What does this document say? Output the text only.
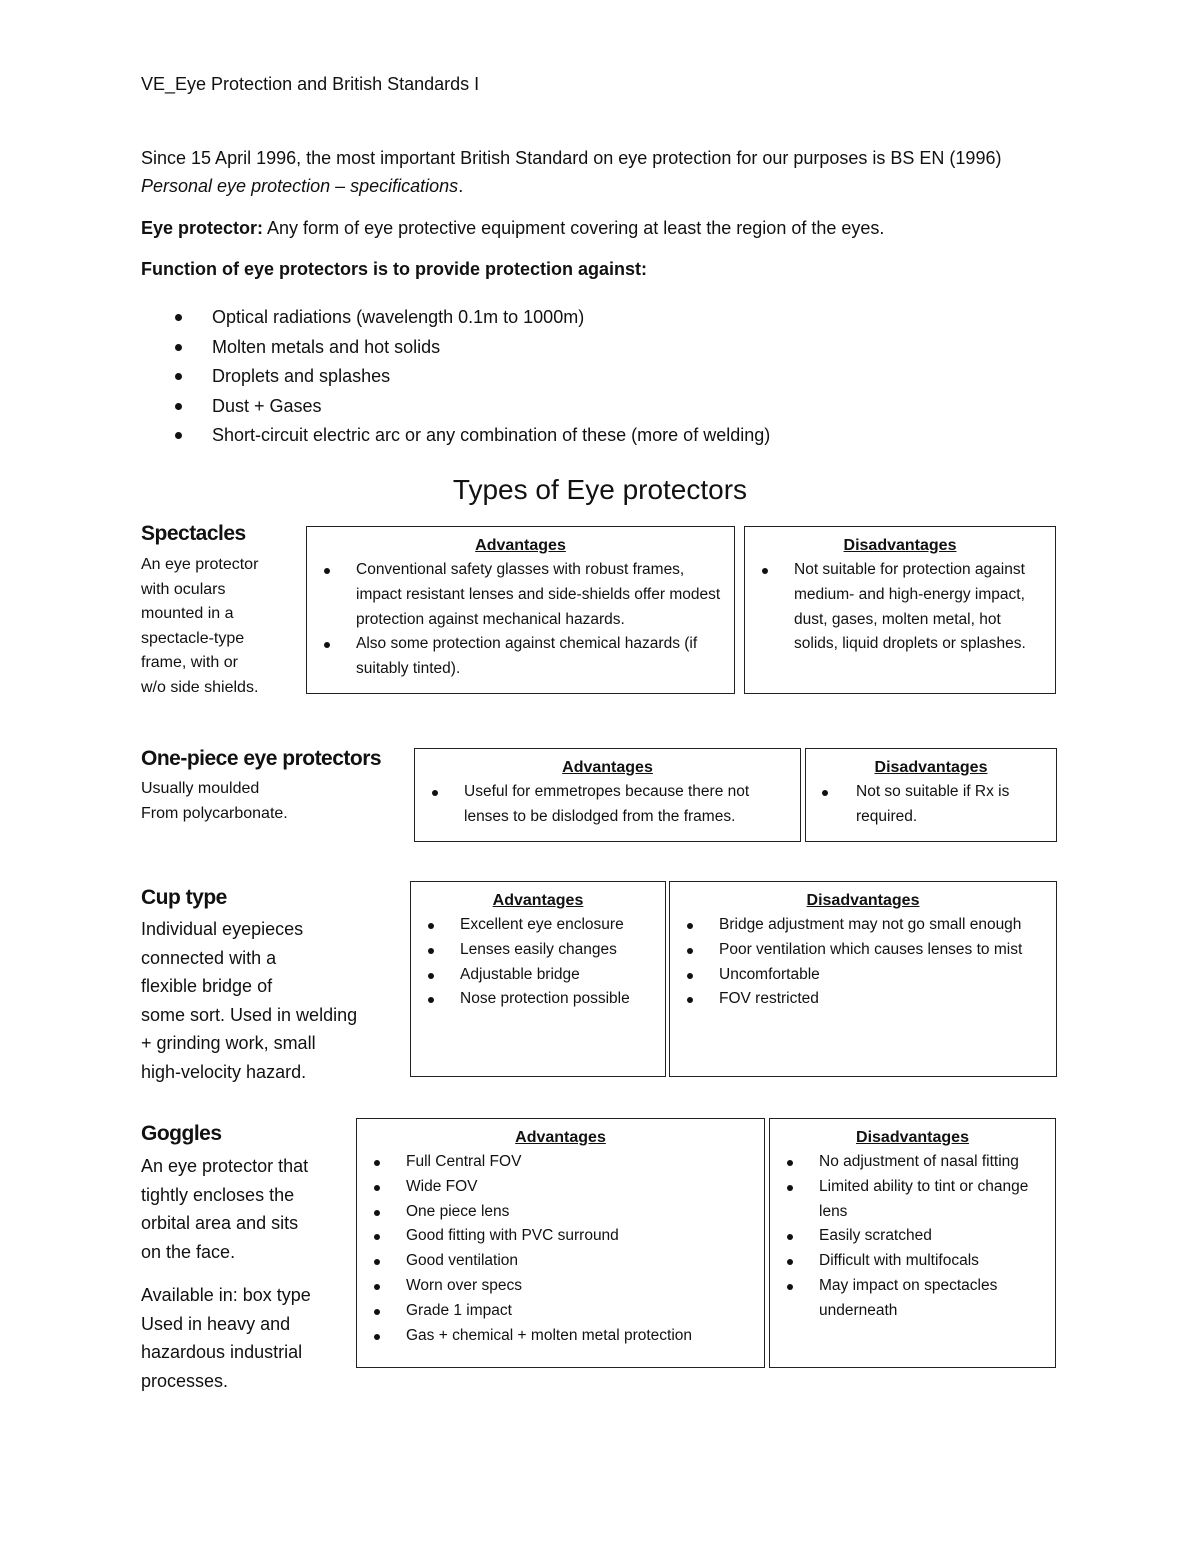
VE_Eye Protection and British Standards I
Since 15 April 1996, the most important British Standard on eye protection for our purposes is BS EN (1996) Personal eye protection – specifications.
Eye protector: Any form of eye protective equipment covering at least the region of the eyes.
Function of eye protectors is to provide protection against:
Optical radiations (wavelength 0.1m to 1000m)
Molten metals and hot solids
Droplets and splashes
Dust + Gases
Short-circuit electric arc or any combination of these (more of welding)
Types of Eye protectors
Spectacles
An eye protector
with oculars
mounted in a
spectacle-type
frame, with or
w/o side shields.
Advantages
Conventional safety glasses with robust frames, impact resistant lenses and side-shields offer modest protection against mechanical hazards.
Also some protection against chemical hazards (if suitably tinted).
Disadvantages
Not suitable for protection against medium- and high-energy impact, dust, gases, molten metal, hot solids, liquid droplets or splashes.
One-piece eye protectors
Usually moulded
From polycarbonate.
Advantages
Useful for emmetropes because there not lenses to be dislodged from the frames.
Disadvantages
Not so suitable if Rx is required.
Cup type
Individual eyepieces
connected with a
flexible bridge of
some sort. Used in welding
+ grinding work, small
high-velocity hazard.
Advantages
Excellent eye enclosure
Lenses easily changes
Adjustable bridge
Nose protection possible
Disadvantages
Bridge adjustment may not go small enough
Poor ventilation which causes lenses to mist
Uncomfortable
FOV restricted
Goggles
An eye protector that
tightly encloses the
orbital area and sits
on the face.
Available in: box type
Used in heavy and
hazardous industrial
processes.
Advantages
Full Central FOV
Wide FOV
One piece lens
Good fitting with PVC surround
Good ventilation
Worn over specs
Grade 1 impact
Gas + chemical + molten metal protection
Disadvantages
No adjustment of nasal fitting
Limited ability to tint or change lens
Easily scratched
Difficult with multifocals
May impact on spectacles underneath
